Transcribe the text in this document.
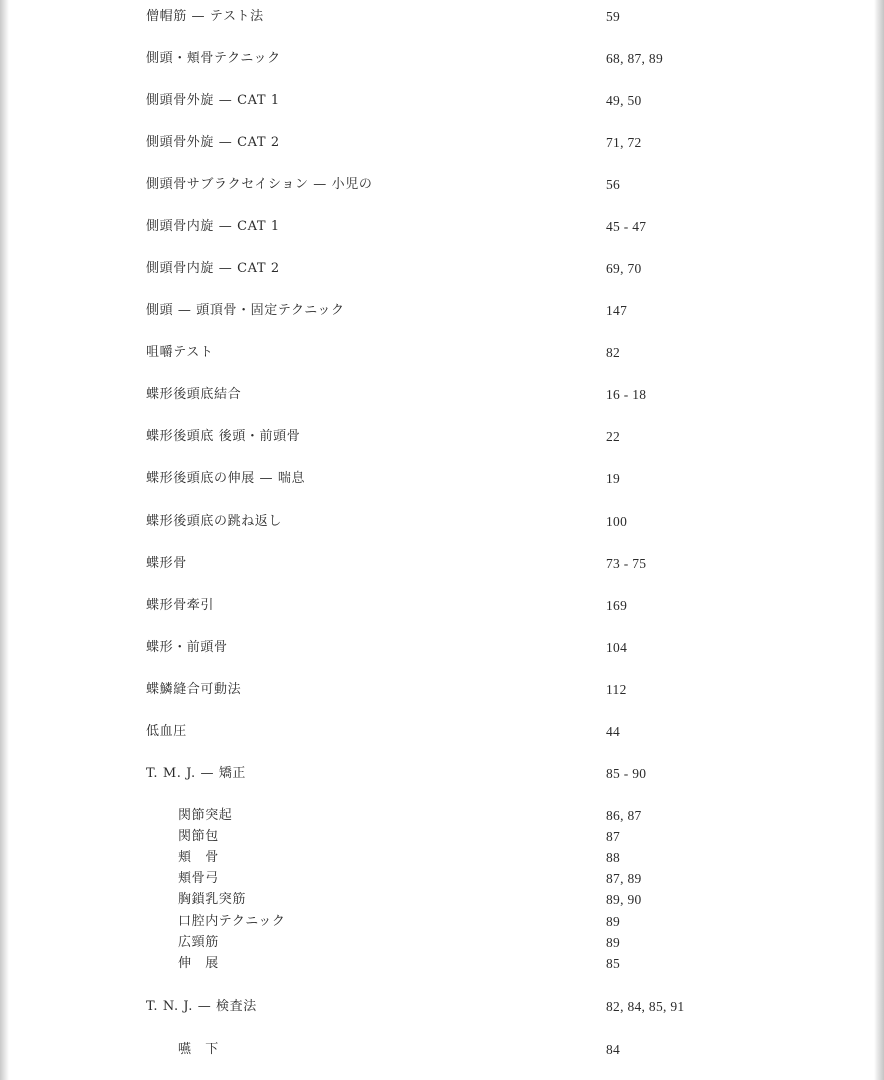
僧帽筋 — テスト法	59
側頭・頬骨テクニック	68, 87, 89
側頭骨外旋 — CAT 1	49, 50
側頭骨外旋 — CAT 2	71, 72
側頭骨サブラクセイション — 小児の	56
側頭骨内旋 — CAT 1	45 - 47
側頭骨内旋 — CAT 2	69, 70
側頭 — 頭頂骨・固定テクニック	147
咀嚼テスト	82
蝶形後頭底結合	16 - 18
蝶形後頭底 後頭・前頭骨	22
蝶形後頭底の伸展 — 喘息	19
蝶形後頭底の跳ね返し	100
蝶形骨	73 - 75
蝶形骨牽引	169
蝶形・前頭骨	104
蝶鱗縫合可動法	112
低血圧	44
T. M. J. — 矯正	85 - 90
関節突起	86, 87
関節包	87
頬　骨	88
頬骨弓	87, 89
胸鎖乳突筋	89, 90
口腔内テクニック	89
広頸筋	89
伸　展	85
T. N. J. — 検査法	82, 84, 85, 91
嚥　下	84
